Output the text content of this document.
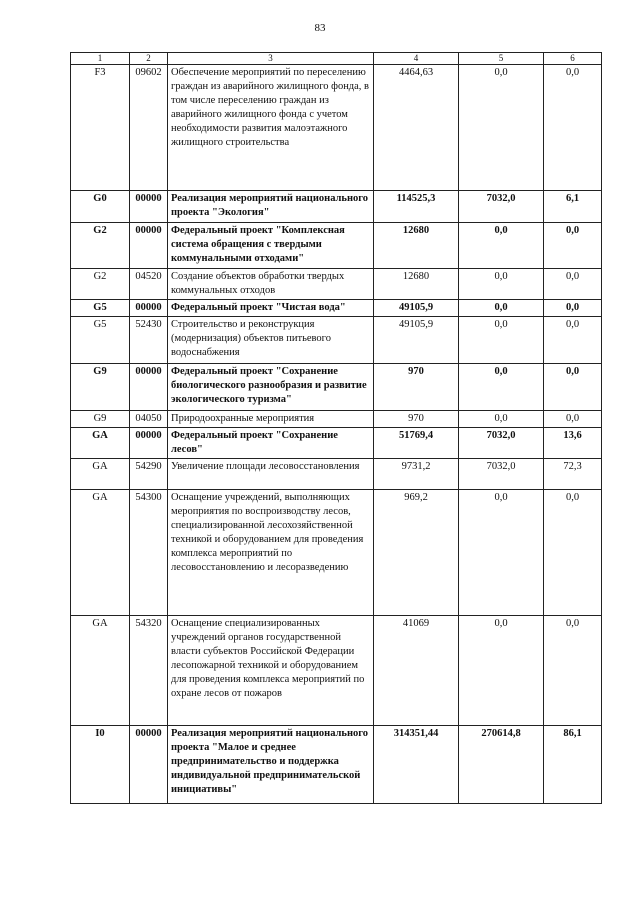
83
1	2	3	4	5	6
F3	09602	Обеспечение мероприятий по переселению граждан из аварийного жилищного фонда, в том числе переселению граждан из аварийного жилищного фонда с учетом необходимости развития малоэтажного жилищного строительства	4464,63	0,0	0,0
G0	00000	Реализация мероприятий национального проекта "Экология"	114525,3	7032,0	6,1
G2	00000	Федеральный проект "Комплексная система обращения с твердыми коммунальными отходами"	12680	0,0	0,0
G2	04520	Создание объектов обработки твердых коммунальных отходов	12680	0,0	0,0
G5	00000	Федеральный проект "Чистая вода"	49105,9	0,0	0,0
G5	52430	Строительство и реконструкция (модернизация) объектов питьевого водоснабжения	49105,9	0,0	0,0
G9	00000	Федеральный проект "Сохранение биологического разнообразия и развитие экологического туризма"	970	0,0	0,0
G9	04050	Природоохранные мероприятия	970	0,0	0,0
GA	00000	Федеральный проект "Сохранение лесов"	51769,4	7032,0	13,6
GA	54290	Увеличение площади лесовосстановления	9731,2	7032,0	72,3
GA	54300	Оснащение учреждений, выполняющих мероприятия по воспроизводству лесов, специализированной лесохозяйственной техникой и оборудованием для проведения комплекса мероприятий по лесовосстановлению и лесоразведению	969,2	0,0	0,0
GA	54320	Оснащение специализированных учреждений органов государственной власти субъектов Российской Федерации лесопожарной техникой и оборудованием для проведения комплекса мероприятий по охране лесов от пожаров	41069	0,0	0,0
I0	00000	Реализация мероприятий национального проекта "Малое и среднее предпринимательство и поддержка индивидуальной предпринимательской инициативы"	314351,44	270614,8	86,1
